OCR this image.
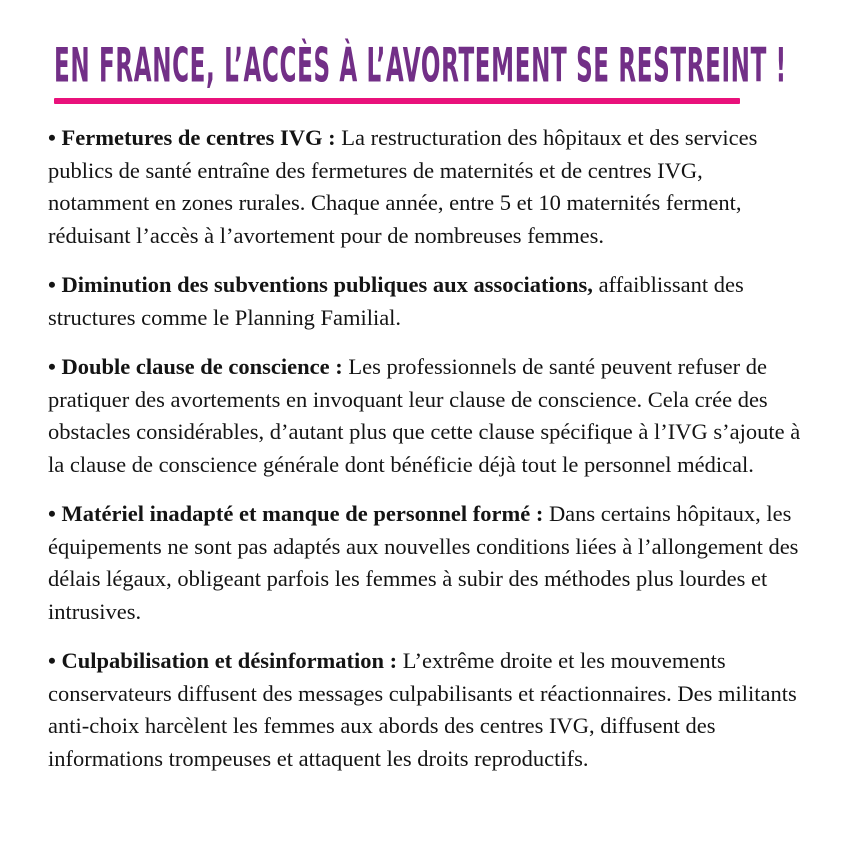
EN FRANCE, L’ACCÈS À L’AVORTEMENT SE RESTREINT !

• Fermetures de centres IVG : La restructuration des hôpitaux et des services publics de santé entraîne des fermetures de maternités et de centres IVG, notamment en zones rurales. Chaque année, entre 5 et 10 maternités ferment, réduisant l’accès à l’avortement pour de nombreuses femmes.

• Diminution des subventions publiques aux associations, affaiblissant des structures comme le Planning Familial.

• Double clause de conscience : Les professionnels de santé peuvent refuser de pratiquer des avortements en invoquant leur clause de conscience. Cela crée des obstacles considérables, d’autant plus que cette clause spécifique à l’IVG s’ajoute à la clause de conscience générale dont bénéficie déjà tout le personnel médical.

• Matériel inadapté et manque de personnel formé : Dans certains hôpitaux, les équipements ne sont pas adaptés aux nouvelles conditions liées à l’allongement des délais légaux, obligeant parfois les femmes à subir des méthodes plus lourdes et intrusives.

• Culpabilisation et désinformation : L’extrême droite et les mouvements conservateurs diffusent des messages culpabilisants et réactionnaires. Des militants anti-choix harcèlent les femmes aux abords des centres IVG, diffusent des informations trompeuses et attaquent les droits reproductifs.
